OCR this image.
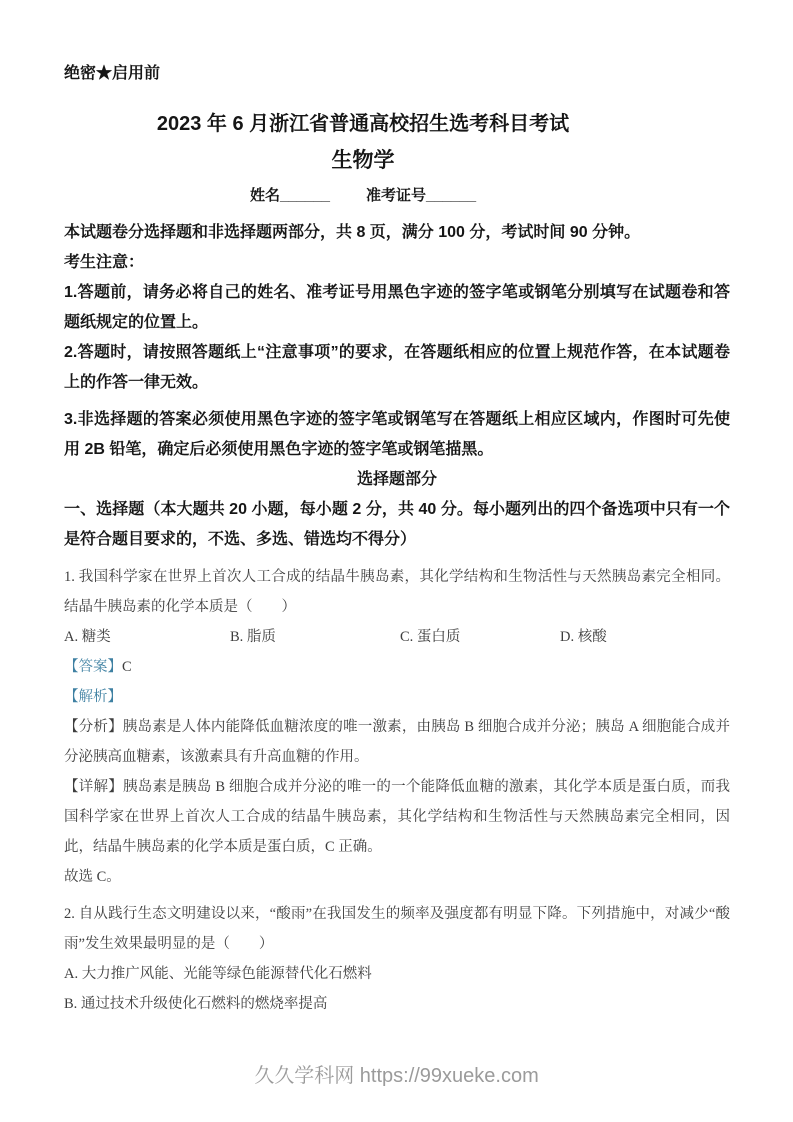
绝密★启用前
2023 年 6 月浙江省普通高校招生选考科目考试
生物学
姓名______ 准考证号______

本试题卷分选择题和非选择题两部分，共 8 页，满分 100 分，考试时间 90 分钟。

考生注意：

1.答题前，请务必将自己的姓名、准考证号用黑色字迹的签字笔或钢笔分别填写在试题卷和答题纸规定的位置上。

2.答题时，请按照答题纸上“注意事项”的要求，在答题纸相应的位置上规范作答，在本试题卷上的作答一律无效。

3.非选择题的答案必须使用黑色字迹的签字笔或钢笔写在答题纸上相应区域内，作图时可先使用 2B 铅笔，确定后必须使用黑色字迹的签字笔或钢笔描黑。

选择题部分

一、选择题（本大题共 20 小题，每小题 2 分，共 40 分。每小题列出的四个备选项中只有一个是符合题目要求的，不选、多选、错选均不得分）

1. 我国科学家在世界上首次人工合成的结晶牛胰岛素，其化学结构和生物活性与天然胰岛素完全相同。结晶牛胰岛素的化学本质是（　　）

A. 糖类	B. 脂质	C. 蛋白质	D. 核酸
【答案】C
【解析】

【分析】胰岛素是人体内能降低血糖浓度的唯一激素，由胰岛 B 细胞合成并分泌；胰岛 A 细胞能合成并分泌胰高血糖素，该激素具有升高血糖的作用。

【详解】胰岛素是胰岛 B 细胞合成并分泌的唯一的一个能降低血糖的激素，其化学本质是蛋白质，而我国科学家在世界上首次人工合成的结晶牛胰岛素，其化学结构和生物活性与天然胰岛素完全相同，因此，结晶牛胰岛素的化学本质是蛋白质，C 正确。

故选 C。

2. 自从践行生态文明建设以来，“酸雨”在我国发生的频率及强度都有明显下降。下列措施中，对减少“酸雨”发生效果最明显的是（　　）

A. 大力推广风能、光能等绿色能源替代化石燃料

B. 通过技术升级使化石燃料的燃烧率提高

久久学科网 https://99xueke.com
